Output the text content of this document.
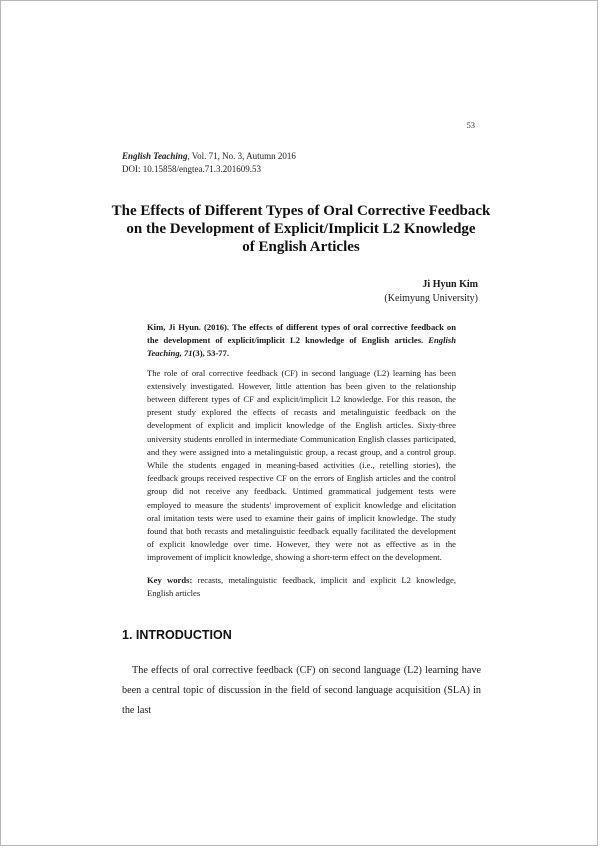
53
English Teaching, Vol. 71, No. 3, Autumn 2016
DOI: 10.15858/engtea.71.3.201609.53
The Effects of Different Types of Oral Corrective Feedback
on the Development of Explicit/Implicit L2 Knowledge
of English Articles
Ji Hyun Kim
(Keimyung University)
Kim, Ji Hyun. (2016). The effects of different types of oral corrective feedback on the development of explicit/implicit L2 knowledge of English articles. English Teaching, 71(3), 53-77.

The role of oral corrective feedback (CF) in second language (L2) learning has been extensively investigated. However, little attention has been given to the relationship between different types of CF and explicit/implicit L2 knowledge. For this reason, the present study explored the effects of recasts and metalinguistic feedback on the development of explicit and implicit knowledge of the English articles. Sixty-three university students enrolled in intermediate Communication English classes participated, and they were assigned into a metalinguistic group, a recast group, and a control group. While the students engaged in meaning-based activities (i.e., retelling stories), the feedback groups received respective CF on the errors of English articles and the control group did not receive any feedback. Untimed grammatical judgement tests were employed to measure the students' improvement of explicit knowledge and elicitation oral imitation tests were used to examine their gains of implicit knowledge. The study found that both recasts and metalinguistic feedback equally facilitated the development of explicit knowledge over time. However, they were not as effective as in the improvement of implicit knowledge, showing a short-term effect on the development.

Key words: recasts, metalinguistic feedback, implicit and explicit L2 knowledge, English articles
1. INTRODUCTION
The effects of oral corrective feedback (CF) on second language (L2) learning have been a central topic of discussion in the field of second language acquisition (SLA) in the last
